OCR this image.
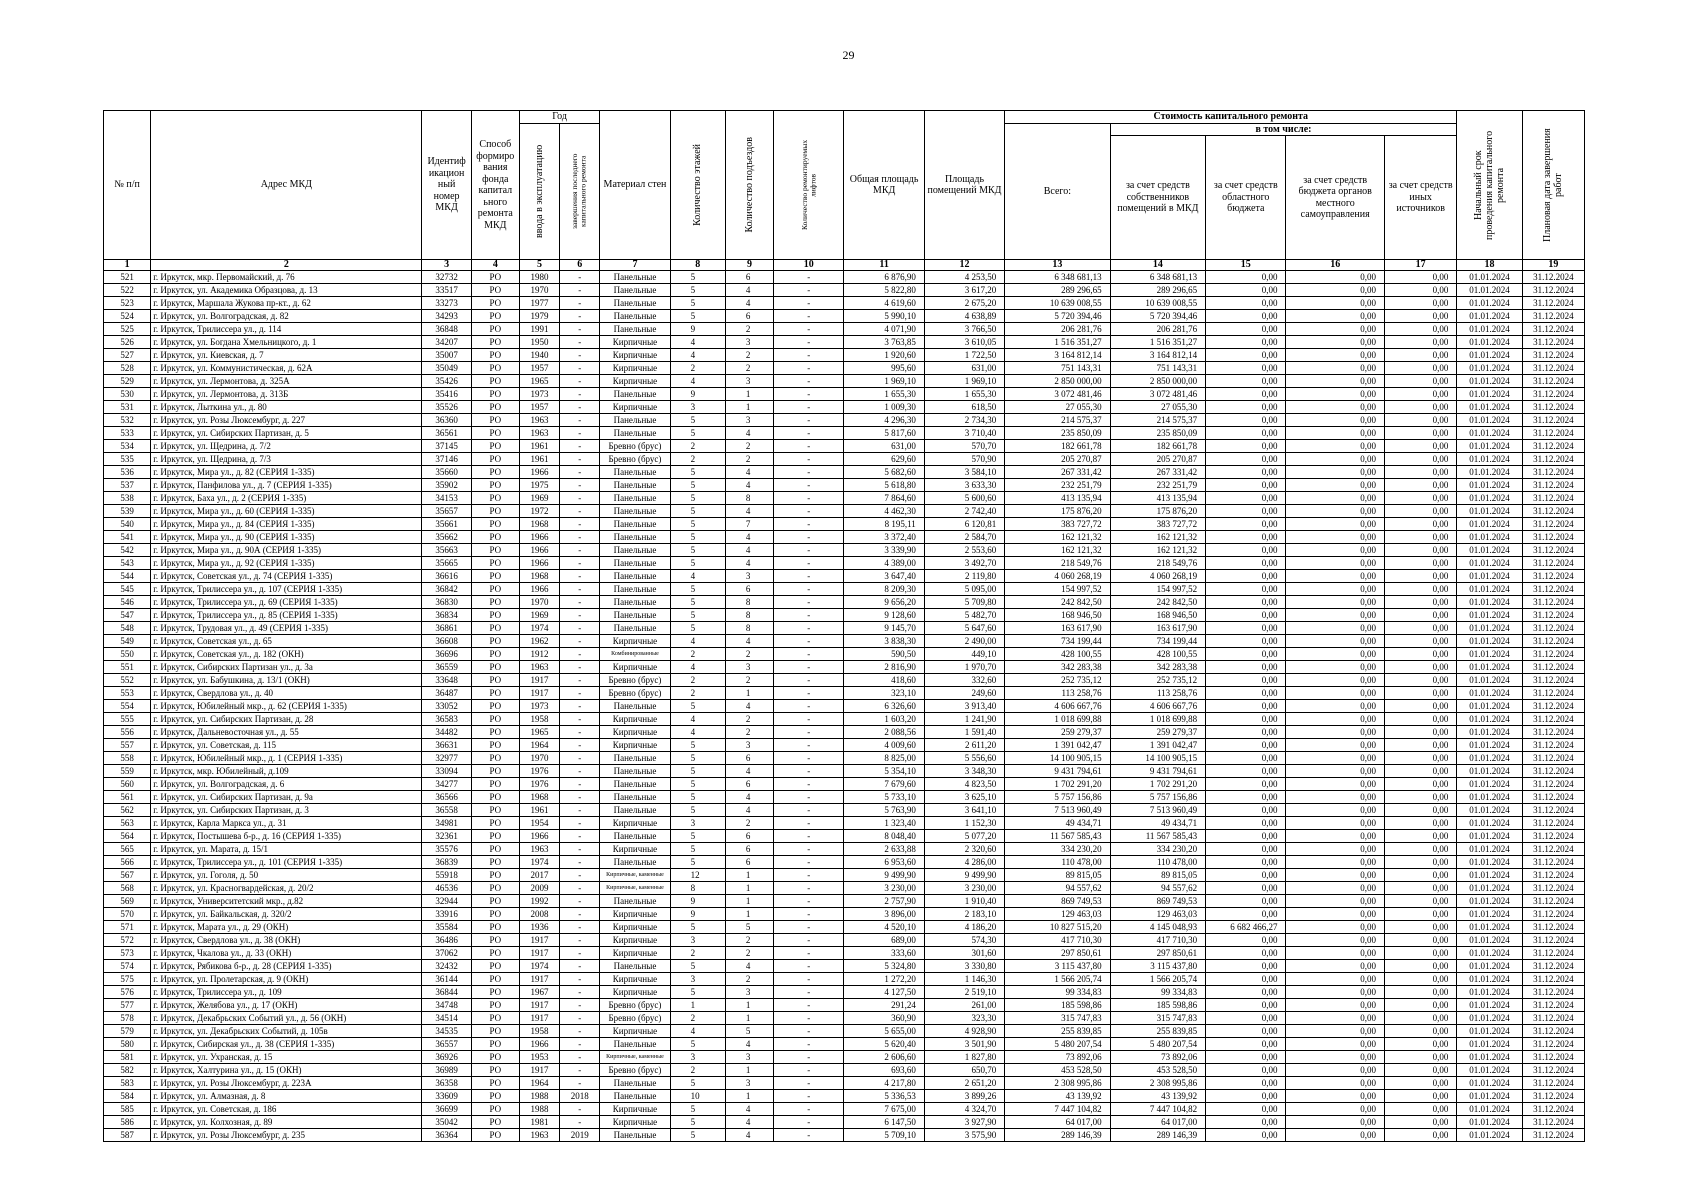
29
№ п/п	Адрес МКД	Идентиф икацион ный номер МКД	Способ формиро вания фонда капитал ьного ремонта МКД	Год		Материал стен	Количество этажей	Количество подъездов	Количество ремонтируемых лифтов	Общая площадь МКД	Площадь помещений МКД	Стоимость капитального ремонта					Начальный срок проведения капитального ремонта	Плановая дата завершения работ

				ввода в эксплуатацию	завершения последнего капитального ремонта							Всего:	в том числе:					
													за счет средств собственников помещений в МКД	за счет средств областного бюджета	за счет средств бюджета органов местного самоуправления	за счет средств иных источников		
1	2	3	4	5	6	7	8	9	10	11	12	13	14	15	16	17	18	19
521	г. Иркутск, мкр. Первомайский, д. 76	32732	РО	1980	-	Панельные	5	6	-	6 876,90	4 253,50	6 348 681,13	6 348 681,13	0,00	0,00	0,00	01.01.2024	31.12.2024
522	г. Иркутск, ул. Академика Образцова, д. 13	33517	РО	1970	-	Панельные	5	4	-	5 822,80	3 617,20	289 296,65	289 296,65	0,00	0,00	0,00	01.01.2024	31.12.2024
523	г. Иркутск, Маршала Жукова пр-кт., д. 62	33273	РО	1977	-	Панельные	5	4	-	4 619,60	2 675,20	10 639 008,55	10 639 008,55	0,00	0,00	0,00	01.01.2024	31.12.2024
524	г. Иркутск, ул. Волгоградская, д. 82	34293	РО	1979	-	Панельные	5	6	-	5 990,10	4 638,89	5 720 394,46	5 720 394,46	0,00	0,00	0,00	01.01.2024	31.12.2024
525	г. Иркутск, Трилиссера ул., д. 114	36848	РО	1991	-	Панельные	9	2	-	4 071,90	3 766,50	206 281,76	206 281,76	0,00	0,00	0,00	01.01.2024	31.12.2024
526	г. Иркутск, ул. Богдана Хмельницкого, д. 1	34207	РО	1950	-	Кирпичные	4	3	-	3 763,85	3 610,05	1 516 351,27	1 516 351,27	0,00	0,00	0,00	01.01.2024	31.12.2024
527	г. Иркутск, ул. Киевская, д. 7	35007	РО	1940	-	Кирпичные	4	2	-	1 920,60	1 722,50	3 164 812,14	3 164 812,14	0,00	0,00	0,00	01.01.2024	31.12.2024
528	г. Иркутск, ул. Коммунистическая, д. 62А	35049	РО	1957	-	Кирпичные	2	2	-	995,60	631,00	751 143,31	751 143,31	0,00	0,00	0,00	01.01.2024	31.12.2024
529	г. Иркутск, ул. Лермонтова, д. 325А	35426	РО	1965	-	Кирпичные	4	3	-	1 969,10	1 969,10	2 850 000,00	2 850 000,00	0,00	0,00	0,00	01.01.2024	31.12.2024
530	г. Иркутск, ул. Лермонтова, д. 313Б	35416	РО	1973	-	Панельные	9	1	-	1 655,30	1 655,30	3 072 481,46	3 072 481,46	0,00	0,00	0,00	01.01.2024	31.12.2024
531	г. Иркутск, Лыткина ул., д. 80	35526	РО	1957	-	Кирпичные	3	1	-	1 009,30	618,50	27 055,30	27 055,30	0,00	0,00	0,00	01.01.2024	31.12.2024
532	г. Иркутск, ул. Розы Люксембург, д. 227	36360	РО	1963	-	Панельные	5	3	-	4 296,30	2 734,30	214 575,37	214 575,37	0,00	0,00	0,00	01.01.2024	31.12.2024
533	г. Иркутск, ул. Сибирских Партизан, д. 5	36561	РО	1963	-	Панельные	5	4	-	5 817,60	3 710,40	235 850,09	235 850,09	0,00	0,00	0,00	01.01.2024	31.12.2024
534	г. Иркутск, ул. Щедрина, д. 7/2	37145	РО	1961	-	Бревно (брус)	2	2	-	631,00	570,70	182 661,78	182 661,78	0,00	0,00	0,00	01.01.2024	31.12.2024
535	г. Иркутск, ул. Щедрина, д. 7/3	37146	РО	1961	-	Бревно (брус)	2	2	-	629,60	570,90	205 270,87	205 270,87	0,00	0,00	0,00	01.01.2024	31.12.2024
536	г. Иркутск, Мира ул., д. 82 (СЕРИЯ 1-335)	35660	РО	1966	-	Панельные	5	4	-	5 682,60	3 584,10	267 331,42	267 331,42	0,00	0,00	0,00	01.01.2024	31.12.2024
537	г. Иркутск, Панфилова ул., д. 7 (СЕРИЯ 1-335)	35902	РО	1975	-	Панельные	5	4	-	5 618,80	3 633,30	232 251,79	232 251,79	0,00	0,00	0,00	01.01.2024	31.12.2024
538	г. Иркутск, Баха ул., д. 2 (СЕРИЯ 1-335)	34153	РО	1969	-	Панельные	5	8	-	7 864,60	5 600,60	413 135,94	413 135,94	0,00	0,00	0,00	01.01.2024	31.12.2024
539	г. Иркутск, Мира ул., д. 60 (СЕРИЯ 1-335)	35657	РО	1972	-	Панельные	5	4	-	4 462,30	2 742,40	175 876,20	175 876,20	0,00	0,00	0,00	01.01.2024	31.12.2024
540	г. Иркутск, Мира ул., д. 84 (СЕРИЯ 1-335)	35661	РО	1968	-	Панельные	5	7	-	8 195,11	6 120,81	383 727,72	383 727,72	0,00	0,00	0,00	01.01.2024	31.12.2024
541	г. Иркутск, Мира ул., д. 90 (СЕРИЯ 1-335)	35662	РО	1966	-	Панельные	5	4	-	3 372,40	2 584,70	162 121,32	162 121,32	0,00	0,00	0,00	01.01.2024	31.12.2024
542	г. Иркутск, Мира ул., д. 90А (СЕРИЯ 1-335)	35663	РО	1966	-	Панельные	5	4	-	3 339,90	2 553,60	162 121,32	162 121,32	0,00	0,00	0,00	01.01.2024	31.12.2024
543	г. Иркутск, Мира ул., д. 92 (СЕРИЯ 1-335)	35665	РО	1966	-	Панельные	5	4	-	4 389,00	3 492,70	218 549,76	218 549,76	0,00	0,00	0,00	01.01.2024	31.12.2024
544	г. Иркутск, Советская ул., д. 74 (СЕРИЯ 1-335)	36616	РО	1968	-	Панельные	4	3	-	3 647,40	2 119,80	4 060 268,19	4 060 268,19	0,00	0,00	0,00	01.01.2024	31.12.2024
545	г. Иркутск, Трилиссера ул., д. 107 (СЕРИЯ 1-335)	36842	РО	1966	-	Панельные	5	6	-	8 209,30	5 095,00	154 997,52	154 997,52	0,00	0,00	0,00	01.01.2024	31.12.2024
546	г. Иркутск, Трилиссера ул., д. 69 (СЕРИЯ 1-335)	36830	РО	1970	-	Панельные	5	8	-	9 656,20	5 709,80	242 842,50	242 842,50	0,00	0,00	0,00	01.01.2024	31.12.2024
547	г. Иркутск, Трилиссера ул., д. 85 (СЕРИЯ 1-335)	36834	РО	1969	-	Панельные	5	8	-	9 128,60	5 482,70	168 946,50	168 946,50	0,00	0,00	0,00	01.01.2024	31.12.2024
548	г. Иркутск, Трудовая ул., д. 49 (СЕРИЯ 1-335)	36861	РО	1974	-	Панельные	5	8	-	9 145,70	5 647,60	163 617,90	163 617,90	0,00	0,00	0,00	01.01.2024	31.12.2024
549	г. Иркутск, Советская ул., д. 65	36608	РО	1962	-	Кирпичные	4	4	-	3 838,30	2 490,00	734 199,44	734 199,44	0,00	0,00	0,00	01.01.2024	31.12.2024
550	г. Иркутск, Советская ул., д. 182 (ОКН)	36696	РО	1912	-	Комбинированные	2	2	-	590,50	449,10	428 100,55	428 100,55	0,00	0,00	0,00	01.01.2024	31.12.2024
551	г. Иркутск, Сибирских Партизан ул., д. 3а	36559	РО	1963	-	Кирпичные	4	3	-	2 816,90	1 970,70	342 283,38	342 283,38	0,00	0,00	0,00	01.01.2024	31.12.2024
552	г. Иркутск, ул. Бабушкина, д. 13/1 (ОКН)	33648	РО	1917	-	Бревно (брус)	2	2	-	418,60	332,60	252 735,12	252 735,12	0,00	0,00	0,00	01.01.2024	31.12.2024
553	г. Иркутск, Свердлова ул., д. 40	36487	РО	1917	-	Бревно (брус)	2	1	-	323,10	249,60	113 258,76	113 258,76	0,00	0,00	0,00	01.01.2024	31.12.2024
554	г. Иркутск, Юбилейный мкр., д. 62 (СЕРИЯ 1-335)	33052	РО	1973	-	Панельные	5	4	-	6 326,60	3 913,40	4 606 667,76	4 606 667,76	0,00	0,00	0,00	01.01.2024	31.12.2024
555	г. Иркутск, ул. Сибирских Партизан, д. 28	36583	РО	1958	-	Кирпичные	4	2	-	1 603,20	1 241,90	1 018 699,88	1 018 699,88	0,00	0,00	0,00	01.01.2024	31.12.2024
556	г. Иркутск, Дальневосточная ул., д. 55	34482	РО	1965	-	Кирпичные	4	2	-	2 088,56	1 591,40	259 279,37	259 279,37	0,00	0,00	0,00	01.01.2024	31.12.2024
557	г. Иркутск, ул. Советская, д. 115	36631	РО	1964	-	Кирпичные	5	3	-	4 009,60	2 611,20	1 391 042,47	1 391 042,47	0,00	0,00	0,00	01.01.2024	31.12.2024
558	г. Иркутск, Юбилейный мкр., д. 1 (СЕРИЯ 1-335)	32977	РО	1970	-	Панельные	5	6	-	8 825,00	5 556,60	14 100 905,15	14 100 905,15	0,00	0,00	0,00	01.01.2024	31.12.2024
559	г. Иркутск, мкр. Юбилейный, д.109	33094	РО	1976	-	Панельные	5	4	-	5 354,10	3 348,30	9 431 794,61	9 431 794,61	0,00	0,00	0,00	01.01.2024	31.12.2024
560	г. Иркутск, ул. Волгоградская, д. 6	34277	РО	1976	-	Панельные	5	6	-	7 679,60	4 823,50	1 702 291,20	1 702 291,20	0,00	0,00	0,00	01.01.2024	31.12.2024
561	г. Иркутск, ул. Сибирских Партизан, д. 9а	36566	РО	1968	-	Панельные	5	4	-	5 733,10	3 625,10	5 757 156,86	5 757 156,86	0,00	0,00	0,00	01.01.2024	31.12.2024
562	г. Иркутск, ул. Сибирских Партизан, д. 3	36558	РО	1961	-	Панельные	5	4	-	5 763,90	3 641,10	7 513 960,49	7 513 960,49	0,00	0,00	0,00	01.01.2024	31.12.2024
563	г. Иркутск, Карла Маркса ул., д. 31	34981	РО	1954	-	Кирпичные	3	2	-	1 323,40	1 152,30	49 434,71	49 434,71	0,00	0,00	0,00	01.01.2024	31.12.2024
564	г. Иркутск, Постышева б-р., д. 16 (СЕРИЯ 1-335)	32361	РО	1966	-	Панельные	5	6	-	8 048,40	5 077,20	11 567 585,43	11 567 585,43	0,00	0,00	0,00	01.01.2024	31.12.2024
565	г. Иркутск, ул. Марата, д. 15/1	35576	РО	1963	-	Кирпичные	5	6	-	2 633,88	2 320,60	334 230,20	334 230,20	0,00	0,00	0,00	01.01.2024	31.12.2024
566	г. Иркутск, Трилиссера ул., д. 101 (СЕРИЯ 1-335)	36839	РО	1974	-	Панельные	5	6	-	6 953,60	4 286,00	110 478,00	110 478,00	0,00	0,00	0,00	01.01.2024	31.12.2024
567	г. Иркутск, ул. Гоголя, д. 50	55918	РО	2017	-	Кирпичные, каменные	12	1	-	9 499,90	9 499,90	89 815,05	89 815,05	0,00	0,00	0,00	01.01.2024	31.12.2024
568	г. Иркутск, ул. Красногвардейская, д. 20/2	46536	РО	2009	-	Кирпичные, каменные	8	1	-	3 230,00	3 230,00	94 557,62	94 557,62	0,00	0,00	0,00	01.01.2024	31.12.2024
569	г. Иркутск, Университетский мкр., д.82	32944	РО	1992	-	Панельные	9	1	-	2 757,90	1 910,40	869 749,53	869 749,53	0,00	0,00	0,00	01.01.2024	31.12.2024
570	г. Иркутск, ул. Байкальская, д. 320/2	33916	РО	2008	-	Кирпичные	9	1	-	3 896,00	2 183,10	129 463,03	129 463,03	0,00	0,00	0,00	01.01.2024	31.12.2024
571	г. Иркутск, Марата ул., д. 29 (ОКН)	35584	РО	1936	-	Кирпичные	5	5	-	4 520,10	4 186,20	10 827 515,20	4 145 048,93	6 682 466,27	0,00	0,00	01.01.2024	31.12.2024
572	г. Иркутск, Свердлова ул., д. 38 (ОКН)	36486	РО	1917	-	Кирпичные	3	2	-	689,00	574,30	417 710,30	417 710,30	0,00	0,00	0,00	01.01.2024	31.12.2024
573	г. Иркутск, Чкалова ул., д. 33 (ОКН)	37062	РО	1917	-	Кирпичные	2	2	-	333,60	301,60	297 850,61	297 850,61	0,00	0,00	0,00	01.01.2024	31.12.2024
574	г. Иркутск, Рябикова б-р., д. 28 (СЕРИЯ 1-335)	32432	РО	1974	-	Панельные	5	4	-	5 324,80	3 330,80	3 115 437,80	3 115 437,80	0,00	0,00	0,00	01.01.2024	31.12.2024
575	г. Иркутск, ул. Пролетарская, д. 9 (ОКН)	36144	РО	1917	-	Кирпичные	3	2	-	1 272,20	1 146,30	1 566 205,74	1 566 205,74	0,00	0,00	0,00	01.01.2024	31.12.2024
576	г. Иркутск, Трилиссера ул., д. 109	36844	РО	1967	-	Кирпичные	5	3	-	4 127,50	2 519,10	99 334,83	99 334,83	0,00	0,00	0,00	01.01.2024	31.12.2024
577	г. Иркутск, Желябова ул., д. 17 (ОКН)	34748	РО	1917	-	Бревно (брус)	1	1	-	291,24	261,00	185 598,86	185 598,86	0,00	0,00	0,00	01.01.2024	31.12.2024
578	г. Иркутск, Декабрьских Событий ул., д. 56 (ОКН)	34514	РО	1917	-	Бревно (брус)	2	1	-	360,90	323,30	315 747,83	315 747,83	0,00	0,00	0,00	01.01.2024	31.12.2024
579	г. Иркутск, ул. Декабрьских Событий, д. 105в	34535	РО	1958	-	Кирпичные	4	5	-	5 655,00	4 928,90	255 839,85	255 839,85	0,00	0,00	0,00	01.01.2024	31.12.2024
580	г. Иркутск, Сибирская ул., д. 38 (СЕРИЯ 1-335)	36557	РО	1966	-	Панельные	5	4	-	5 620,40	3 501,90	5 480 207,54	5 480 207,54	0,00	0,00	0,00	01.01.2024	31.12.2024
581	г. Иркутск, ул. Ухранская, д. 15	36926	РО	1953	-	Кирпичные, каменные	3	3	-	2 606,60	1 827,80	73 892,06	73 892,06	0,00	0,00	0,00	01.01.2024	31.12.2024
582	г. Иркутск, Халтурина ул., д. 15 (ОКН)	36989	РО	1917	-	Бревно (брус)	2	1	-	693,60	650,70	453 528,50	453 528,50	0,00	0,00	0,00	01.01.2024	31.12.2024
583	г. Иркутск, ул. Розы Люксембург, д. 223А	36358	РО	1964	-	Панельные	5	3	-	4 217,80	2 651,20	2 308 995,86	2 308 995,86	0,00	0,00	0,00	01.01.2024	31.12.2024
584	г. Иркутск, ул. Алмазная, д. 8	33609	РО	1988	2018	Панельные	10	1	-	5 336,53	3 899,26	43 139,92	43 139,92	0,00	0,00	0,00	01.01.2024	31.12.2024
585	г. Иркутск, ул. Советская, д. 186	36699	РО	1988	-	Кирпичные	5	4	-	7 675,00	4 324,70	7 447 104,82	7 447 104,82	0,00	0,00	0,00	01.01.2024	31.12.2024
586	г. Иркутск, ул. Колхозная, д. 89	35042	РО	1981	-	Кирпичные	5	4	-	6 147,50	3 927,90	64 017,00	64 017,00	0,00	0,00	0,00	01.01.2024	31.12.2024
587	г. Иркутск, ул. Розы Люксембург, д. 235	36364	РО	1963	2019	Панельные	5	4	-	5 709,10	3 575,90	289 146,39	289 146,39	0,00	0,00	0,00	01.01.2024	31.12.2024
